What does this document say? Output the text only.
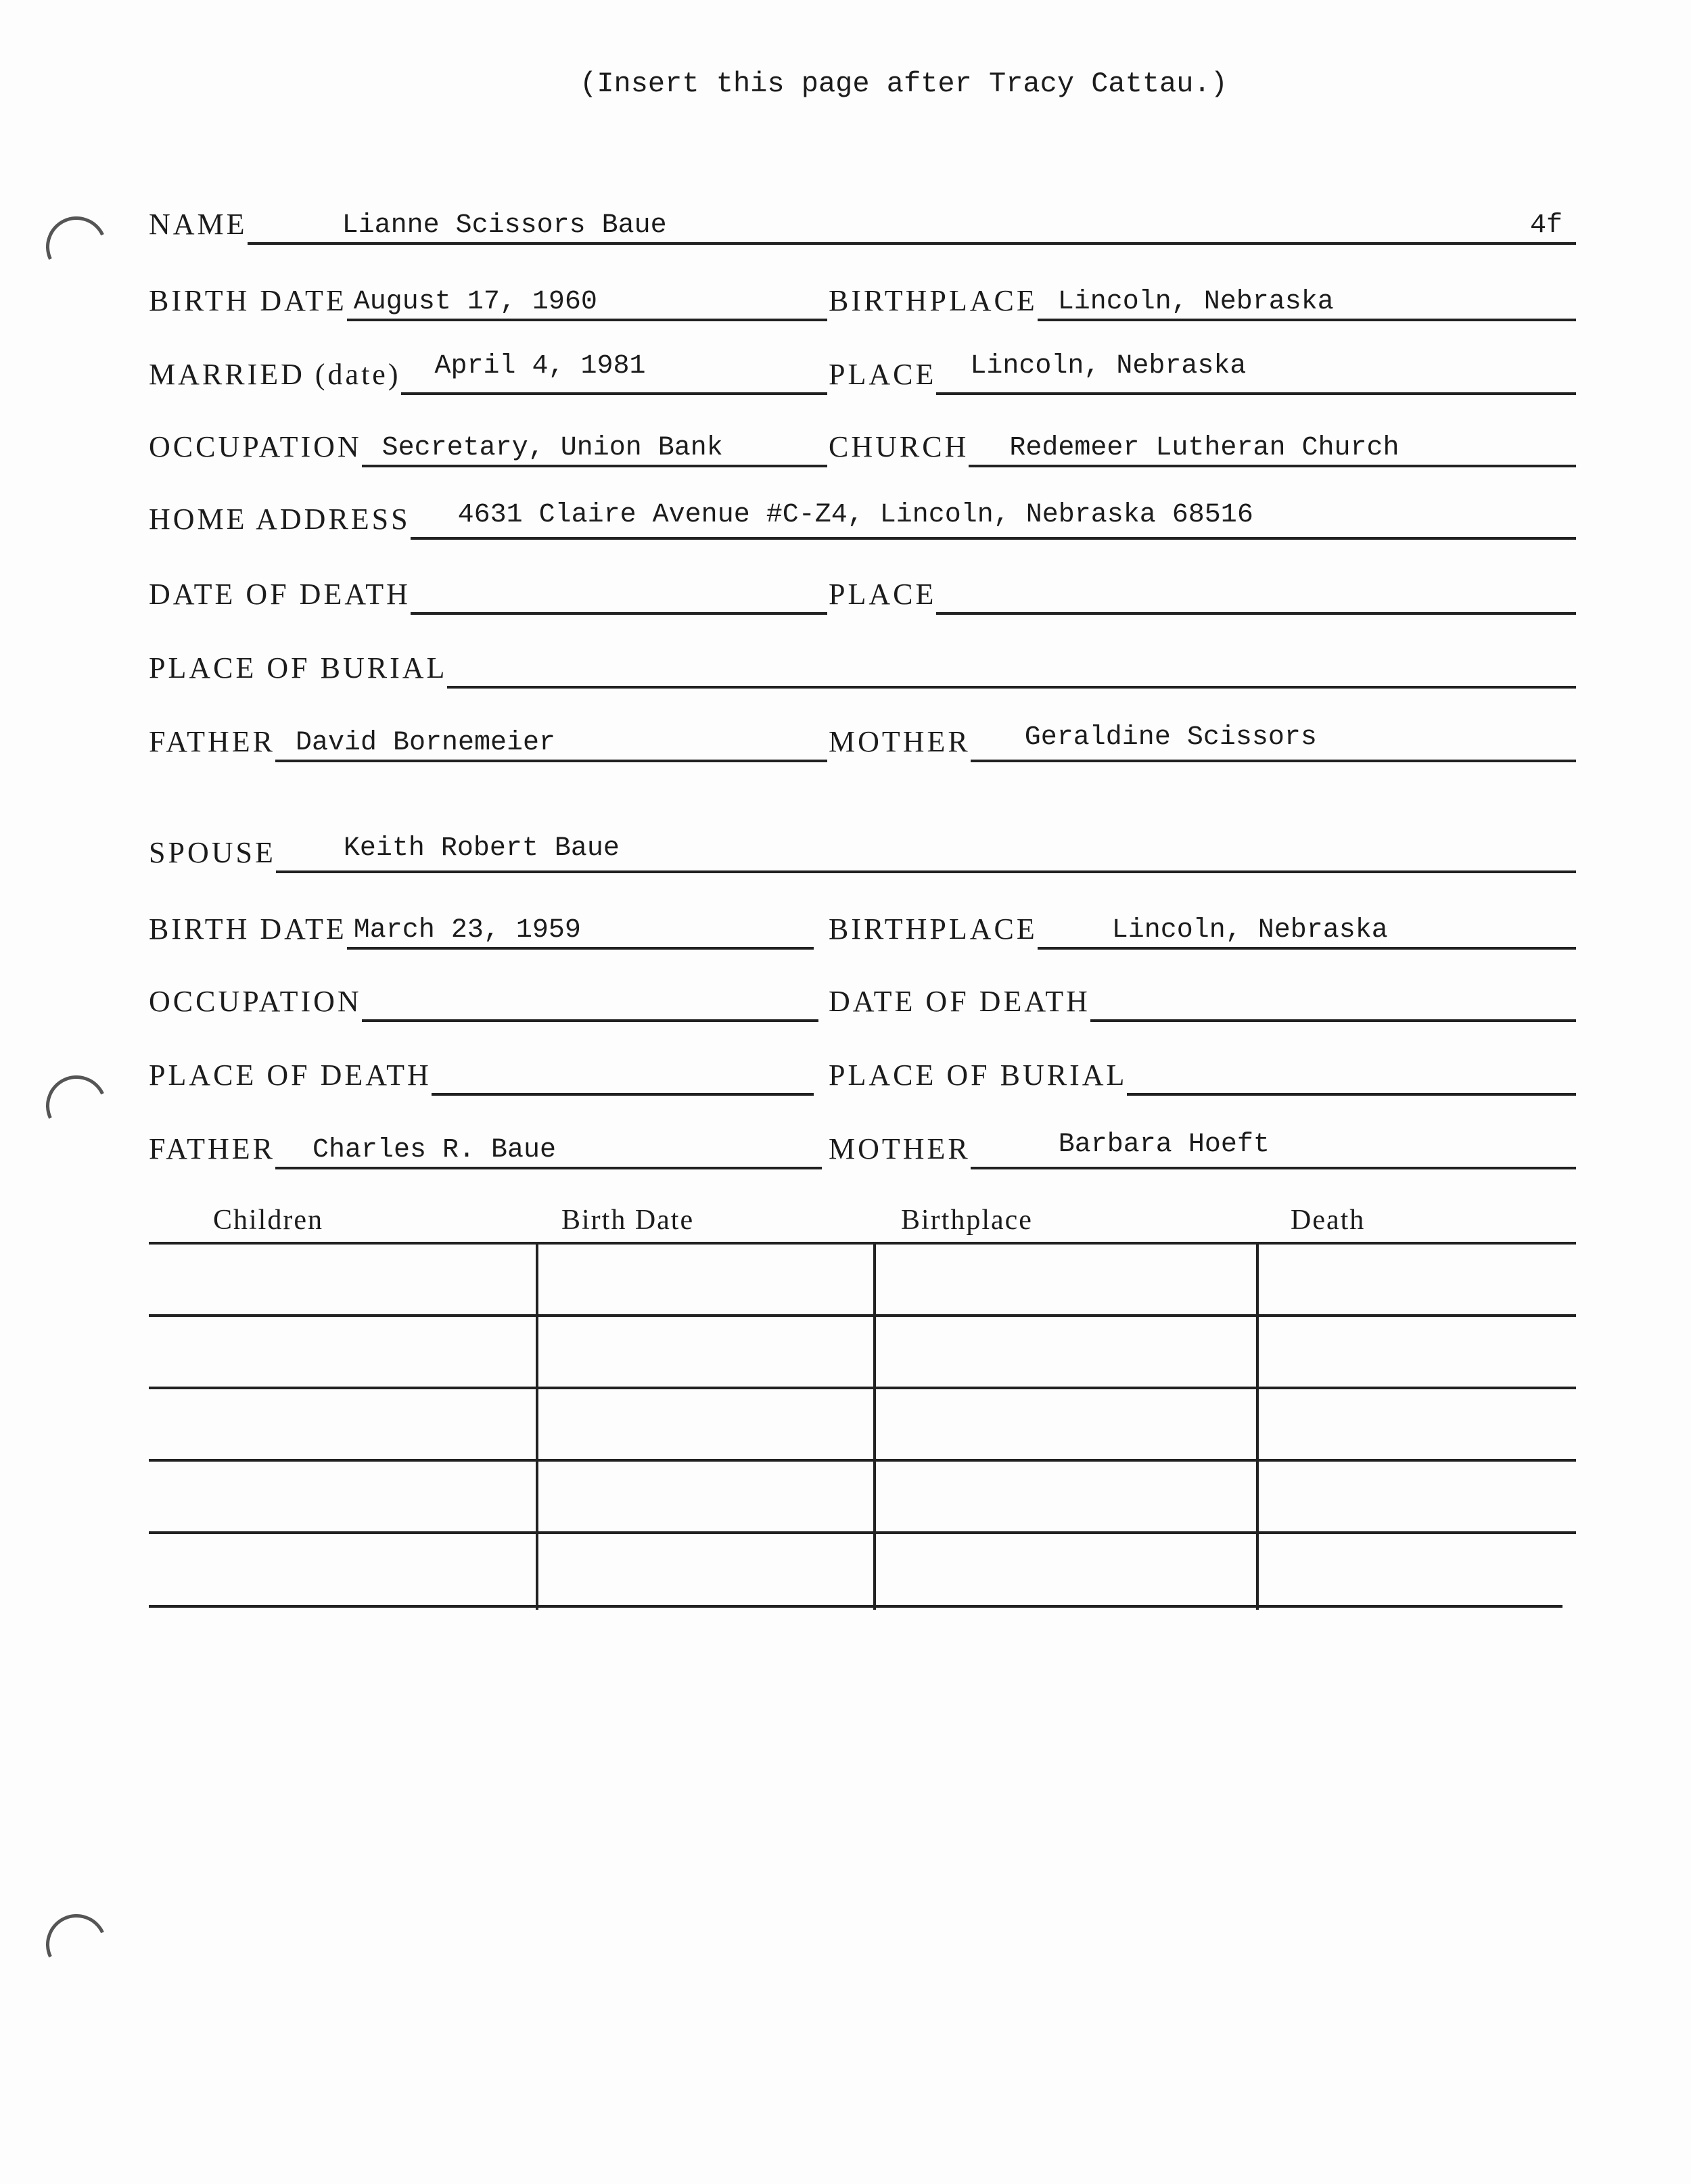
(Insert this page after Tracy Cattau.)
NAME	Lianne Scissors Baue	4f
BIRTH DATE August 17, 1960	BIRTHPLACE Lincoln, Nebraska
MARRIED (date)	April 4, 1981	PLACE	Lincoln, Nebraska
OCCUPATION Secretary, Union Bank	CHURCH	Redemeer Lutheran Church
HOME ADDRESS	4631 Claire Avenue #C-Z4, Lincoln, Nebraska 68516
DATE OF DEATH	PLACE
PLACE OF BURIAL
FATHER David Bornemeier	MOTHER	Geraldine Scissors
SPOUSE	Keith Robert Baue
BIRTH DATE March 23, 1959	BIRTHPLACE	Lincoln, Nebraska
OCCUPATION	DATE OF DEATH
PLACE OF DEATH	PLACE OF BURIAL
FATHER	Charles R. Baue	MOTHER	Barbara Hoeft
Children	Birth Date	Birthplace	Death
